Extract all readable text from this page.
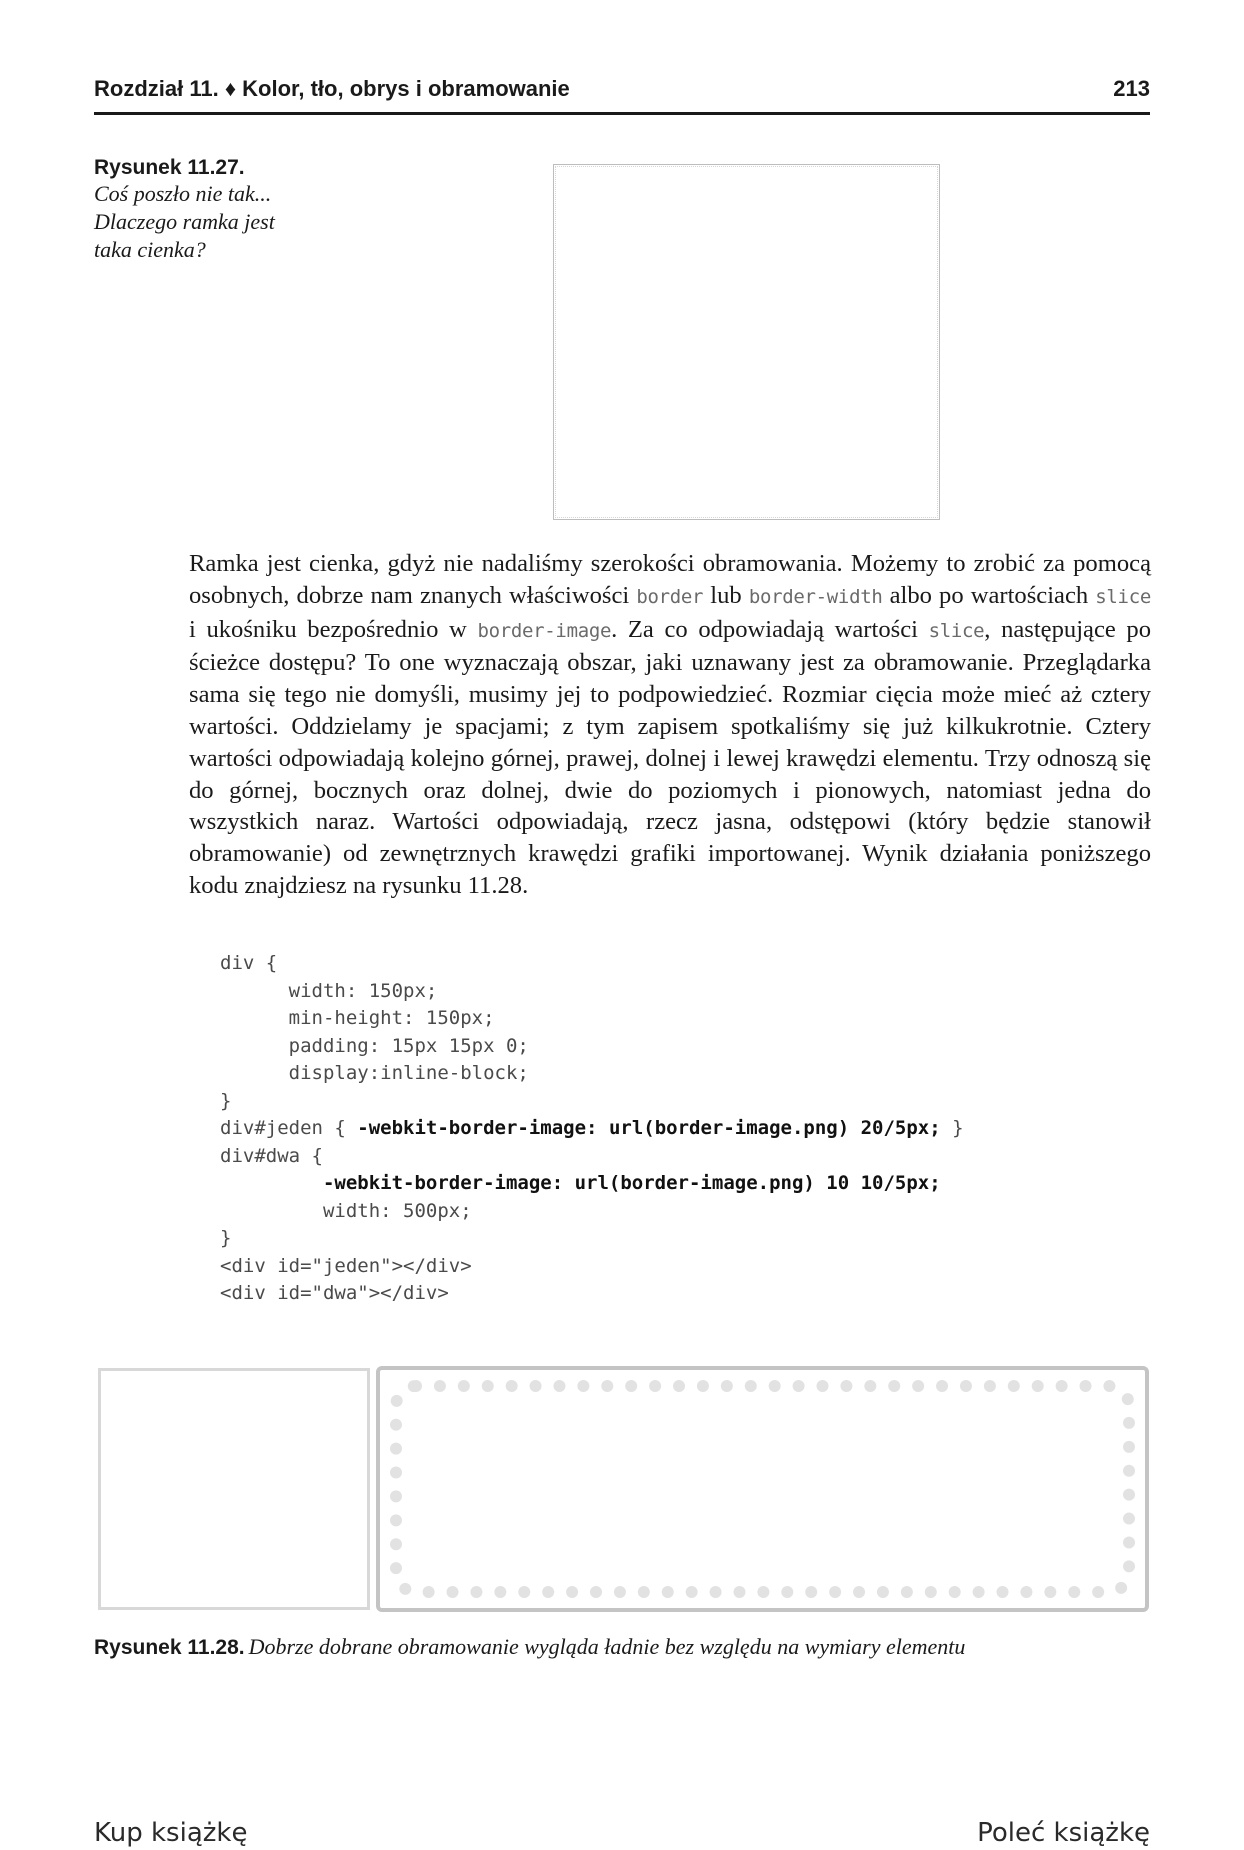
Rozdział 11. ♦ Kolor, tło, obrys i obramowanie	213
Rysunek 11.27.
Coś poszło nie tak...
Dlaczego ramka jest
taka cienka?

Ramka jest cienka, gdyż nie nadaliśmy szerokości obramowania. Możemy to zrobić za pomocą osobnych, dobrze nam znanych właściwości border lub border-width albo po wartościach slice i ukośniku bezpośrednio w border-image. Za co odpowiadają wartości slice, następujące po ścieżce dostępu? To one wyznaczają obszar, jaki uznawany jest za obramowanie. Przeglądarka sama się tego nie domyśli, musimy jej to podpowiedzieć. Rozmiar cięcia może mieć aż cztery wartości. Oddzielamy je spacjami; z tym zapisem spotkaliśmy się już kilkukrotnie. Cztery wartości odpowiadają kolejno górnej, prawej, dolnej i lewej krawędzi elementu. Trzy odnoszą się do górnej, bocznych oraz dolnej, dwie do poziomych i pionowych, natomiast jedna do wszystkich naraz. Wartości odpowiadają, rzecz jasna, odstępowi (który będzie stanowił obramowanie) od zewnętrznych krawędzi grafiki importowanej. Wynik działania poniższego kodu znajdziesz na rysunku 11.28.

div {
width: 150px;
min-height: 150px;
padding: 15px 15px 0;
display:inline-block;
}
div#jeden { -webkit-border-image: url(border-image.png) 20/5px; }
div#dwa {
-webkit-border-image: url(border-image.png) 10 10/5px;
width: 500px;
}
<div id="jeden"></div>
<div id="dwa"></div>
Rysunek 11.28. Dobrze dobrane obramowanie wygląda ładnie bez względu na wymiary elementu
Kup książkę	Poleć książkę
